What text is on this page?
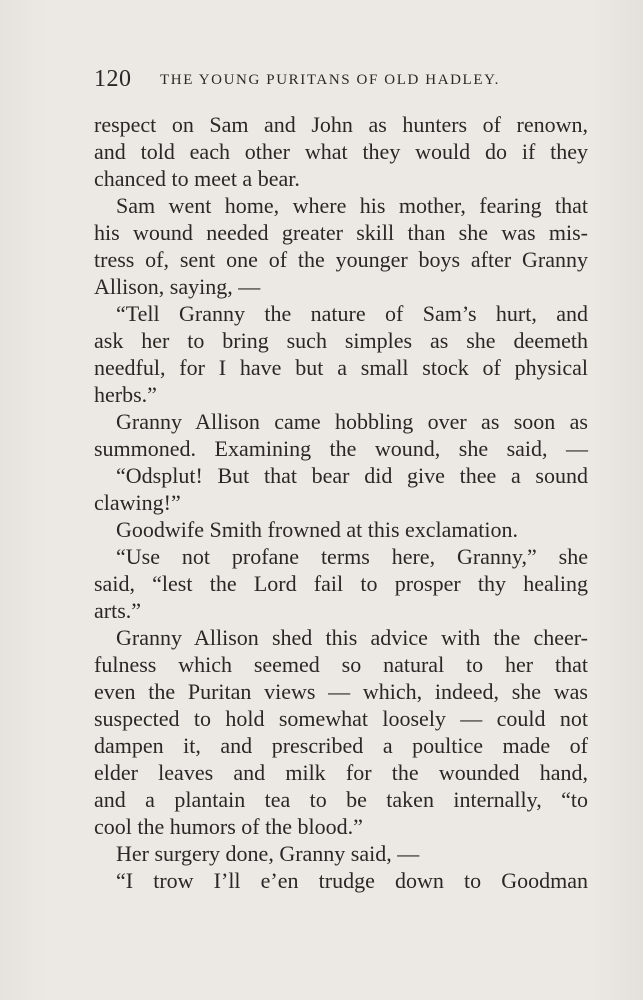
120 THE YOUNG PURITANS OF OLD HADLEY.
respect on Sam and John as hunters of renown,
and told each other what they would do if they
chanced to meet a bear.
Sam went home, where his mother, fearing that
his wound needed greater skill than she was mis-
tress of, sent one of the younger boys after Granny
Allison, saying, —
“Tell Granny the nature of Sam’s hurt, and
ask her to bring such simples as she deemeth
needful, for I have but a small stock of physical
herbs.”
Granny Allison came hobbling over as soon as
summoned. Examining the wound, she said, —
“Odsplut! But that bear did give thee a sound
clawing!”
Goodwife Smith frowned at this exclamation.
“Use not profane terms here, Granny,” she
said, “lest the Lord fail to prosper thy healing
arts.”
Granny Allison shed this advice with the cheer-
fulness which seemed so natural to her that
even the Puritan views — which, indeed, she was
suspected to hold somewhat loosely — could not
dampen it, and prescribed a poultice made of
elder leaves and milk for the wounded hand,
and a plantain tea to be taken internally, “to
cool the humors of the blood.”
Her surgery done, Granny said, —
“I trow I’ll e’en trudge down to Goodman
